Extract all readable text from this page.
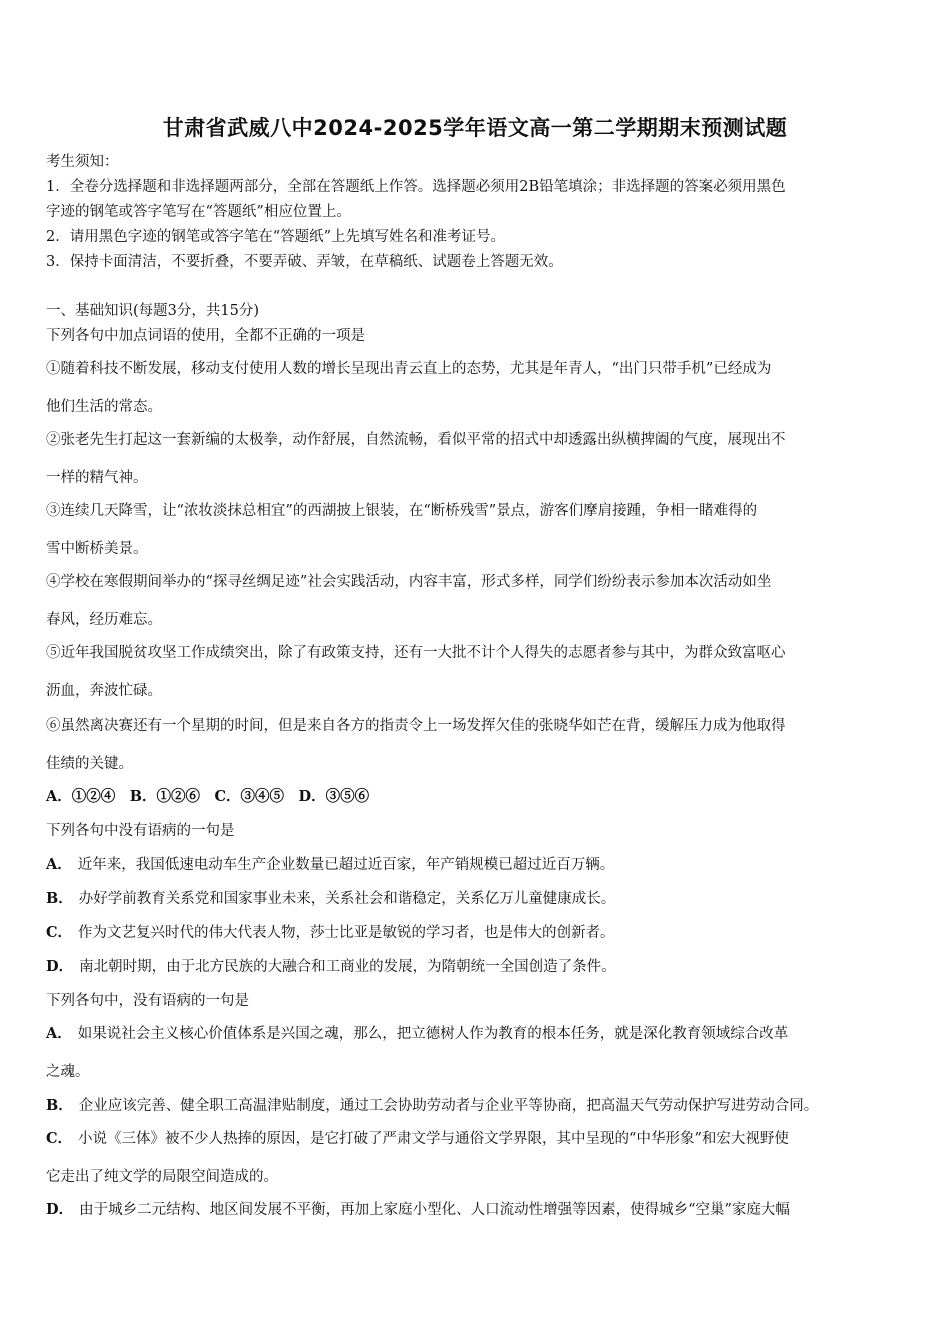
甘肃省武威八中2024-2025学年语文高一第二学期期末预测试题
考生须知：
1．全卷分选择题和非选择题两部分，全部在答题纸上作答。选择题必须用2B铅笔填涂；非选择题的答案必须用黑色
字迹的钢笔或答字笔写在“答题纸”相应位置上。
2．请用黑色字迹的钢笔或答字笔在“答题纸”上先填写姓名和准考证号。
3．保持卡面清洁，不要折叠，不要弄破、弄皱，在草稿纸、试题卷上答题无效。
一、基础知识(每题3分，共15分)
下列各句中加点词语的使用，全都不正确的一项是
①随着科技不断发展，移动支付使用人数的增长呈现出青云直上的态势，尤其是年青人，“出门只带手机”已经成为
他们生活的常态。
②张老先生打起这一套新编的太极拳，动作舒展，自然流畅，看似平常的招式中却透露出纵横捭阖的气度，展现出不
一样的精气神。
③连续几天降雪，让“浓妆淡抹总相宜”的西湖披上银装，在“断桥残雪”景点，游客们摩肩接踵，争相一睹难得的
雪中断桥美景。
④学校在寒假期间举办的“探寻丝绸足迹”社会实践活动，内容丰富，形式多样，同学们纷纷表示参加本次活动如坐
春风，经历难忘。
⑤近年我国脱贫攻坚工作成绩突出，除了有政策支持，还有一大批不计个人得失的志愿者参与其中，为群众致富呕心
沥血，奔波忙碌。
⑥虽然离决赛还有一个星期的时间，但是来自各方的指责令上一场发挥欠佳的张晓华如芒在背，缓解压力成为他取得
佳绩的关键。
A．①②④　B．①②⑥　C．③④⑤　D．③⑤⑥
下列各句中没有语病的一句是
A． 近年来，我国低速电动车生产企业数量已超过近百家，年产销规模已超过近百万辆。
B． 办好学前教育关系党和国家事业未来，关系社会和谐稳定，关系亿万儿童健康成长。
C． 作为文艺复兴时代的伟大代表人物，莎士比亚是敏锐的学习者，也是伟大的创新者。
D． 南北朝时期，由于北方民族的大融合和工商业的发展，为隋朝统一全国创造了条件。
下列各句中，没有语病的一句是
A． 如果说社会主义核心价值体系是兴国之魂，那么，把立德树人作为教育的根本任务，就是深化教育领域综合改革
之魂。
B． 企业应该完善、健全职工高温津贴制度，通过工会协助劳动者与企业平等协商，把高温天气劳动保护写进劳动合同。
C． 小说《三体》被不少人热捧的原因，是它打破了严肃文学与通俗文学界限，其中呈现的“中华形象”和宏大视野使
它走出了纯文学的局限空间造成的。
D． 由于城乡二元结构、地区间发展不平衡，再加上家庭小型化、人口流动性增强等因素，使得城乡“空巢”家庭大幅
